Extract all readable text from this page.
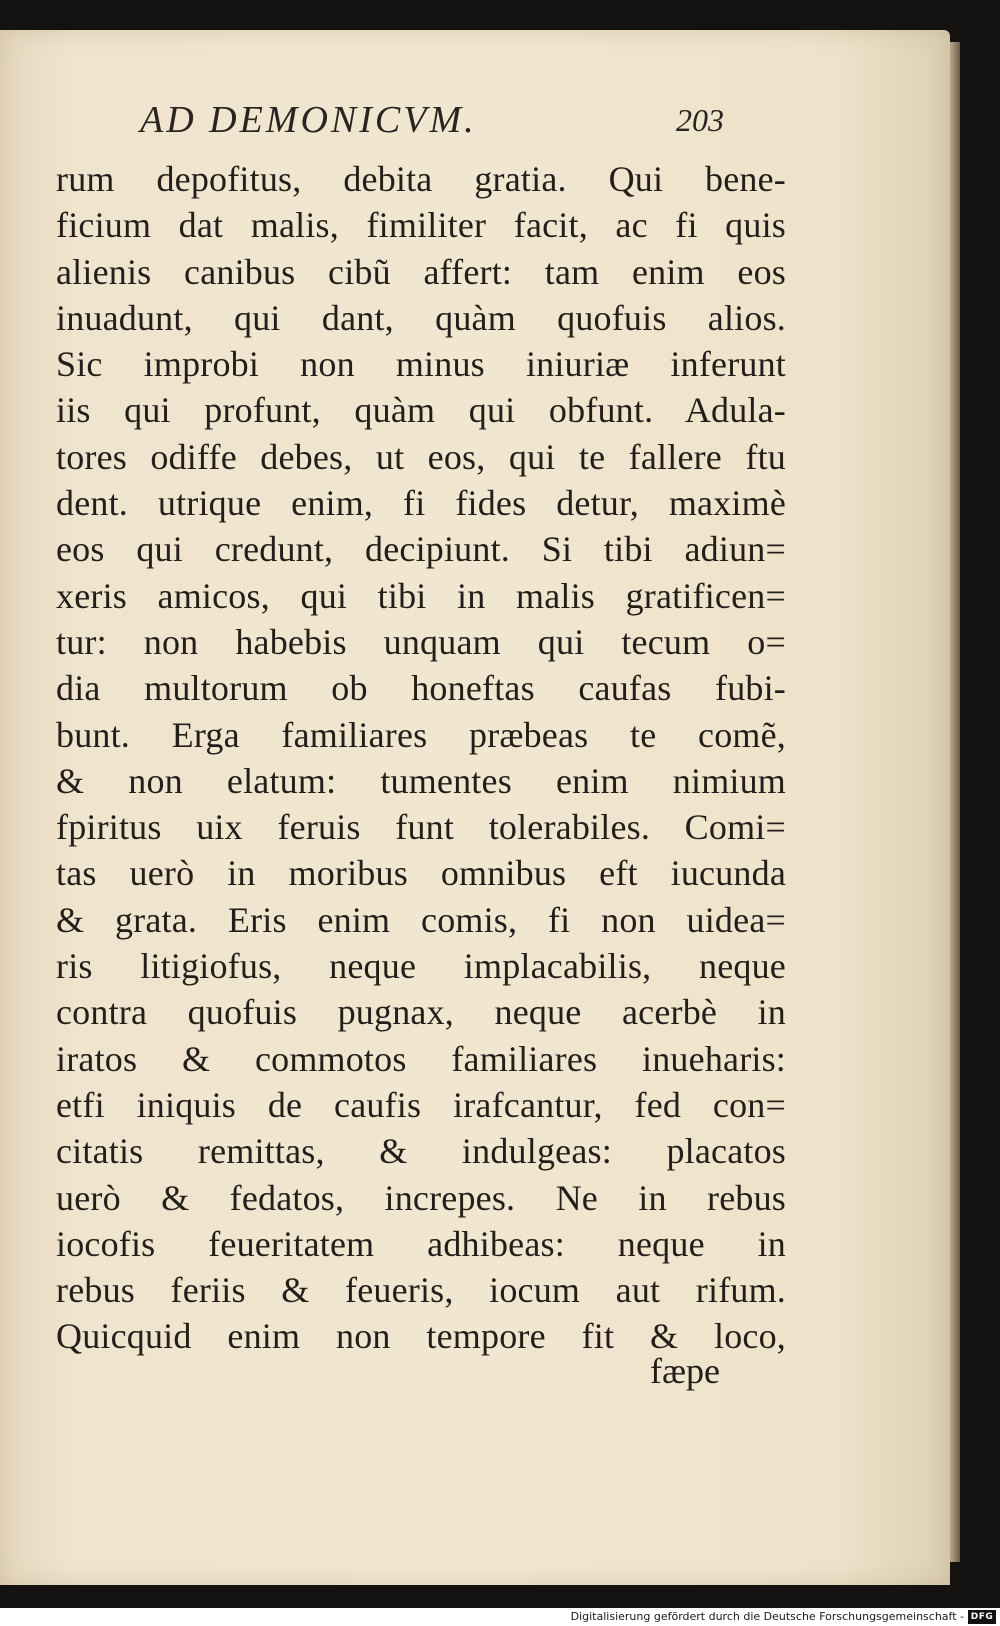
AD DEMONICVM.	203
rum depofitus, debita gratia. Qui bene-
ficium dat malis, fimiliter facit, ac fi quis
alienis canibus cibũ affert: tam enim eos
inuadunt, qui dant, quàm quofuis alios.
Sic improbi non minus iniuriæ inferunt
iis qui profunt, quàm qui obfunt. Adula-
tores odiffe debes, ut eos, qui te fallere ftu
dent. utrique enim, fi fides detur, maximè
eos qui credunt, decipiunt. Si tibi adiun=
xeris amicos, qui tibi in malis gratificen=
tur: non habebis unquam qui tecum o=
dia multorum ob honeftas caufas fubi-
bunt. Erga familiares præbeas te comẽ,
& non elatum: tumentes enim nimium
fpiritus uix feruis funt tolerabiles. Comi=
tas uerò in moribus omnibus eft iucunda
& grata. Eris enim comis, fi non uidea=
ris litigiofus, neque implacabilis, neque
contra quofuis pugnax, neque acerbè in
iratos & commotos familiares inueharis:
etfi iniquis de caufis irafcantur, fed con=
citatis remittas, & indulgeas: placatos
uerò & fedatos, increpes. Ne in rebus
iocofis feueritatem adhibeas: neque in
rebus feriis & feueris, iocum aut rifum.
Quicquid enim non tempore fit & loco,
fæpe
Digitalisierung gefördert durch die Deutsche Forschungsgemeinschaft - DFG
